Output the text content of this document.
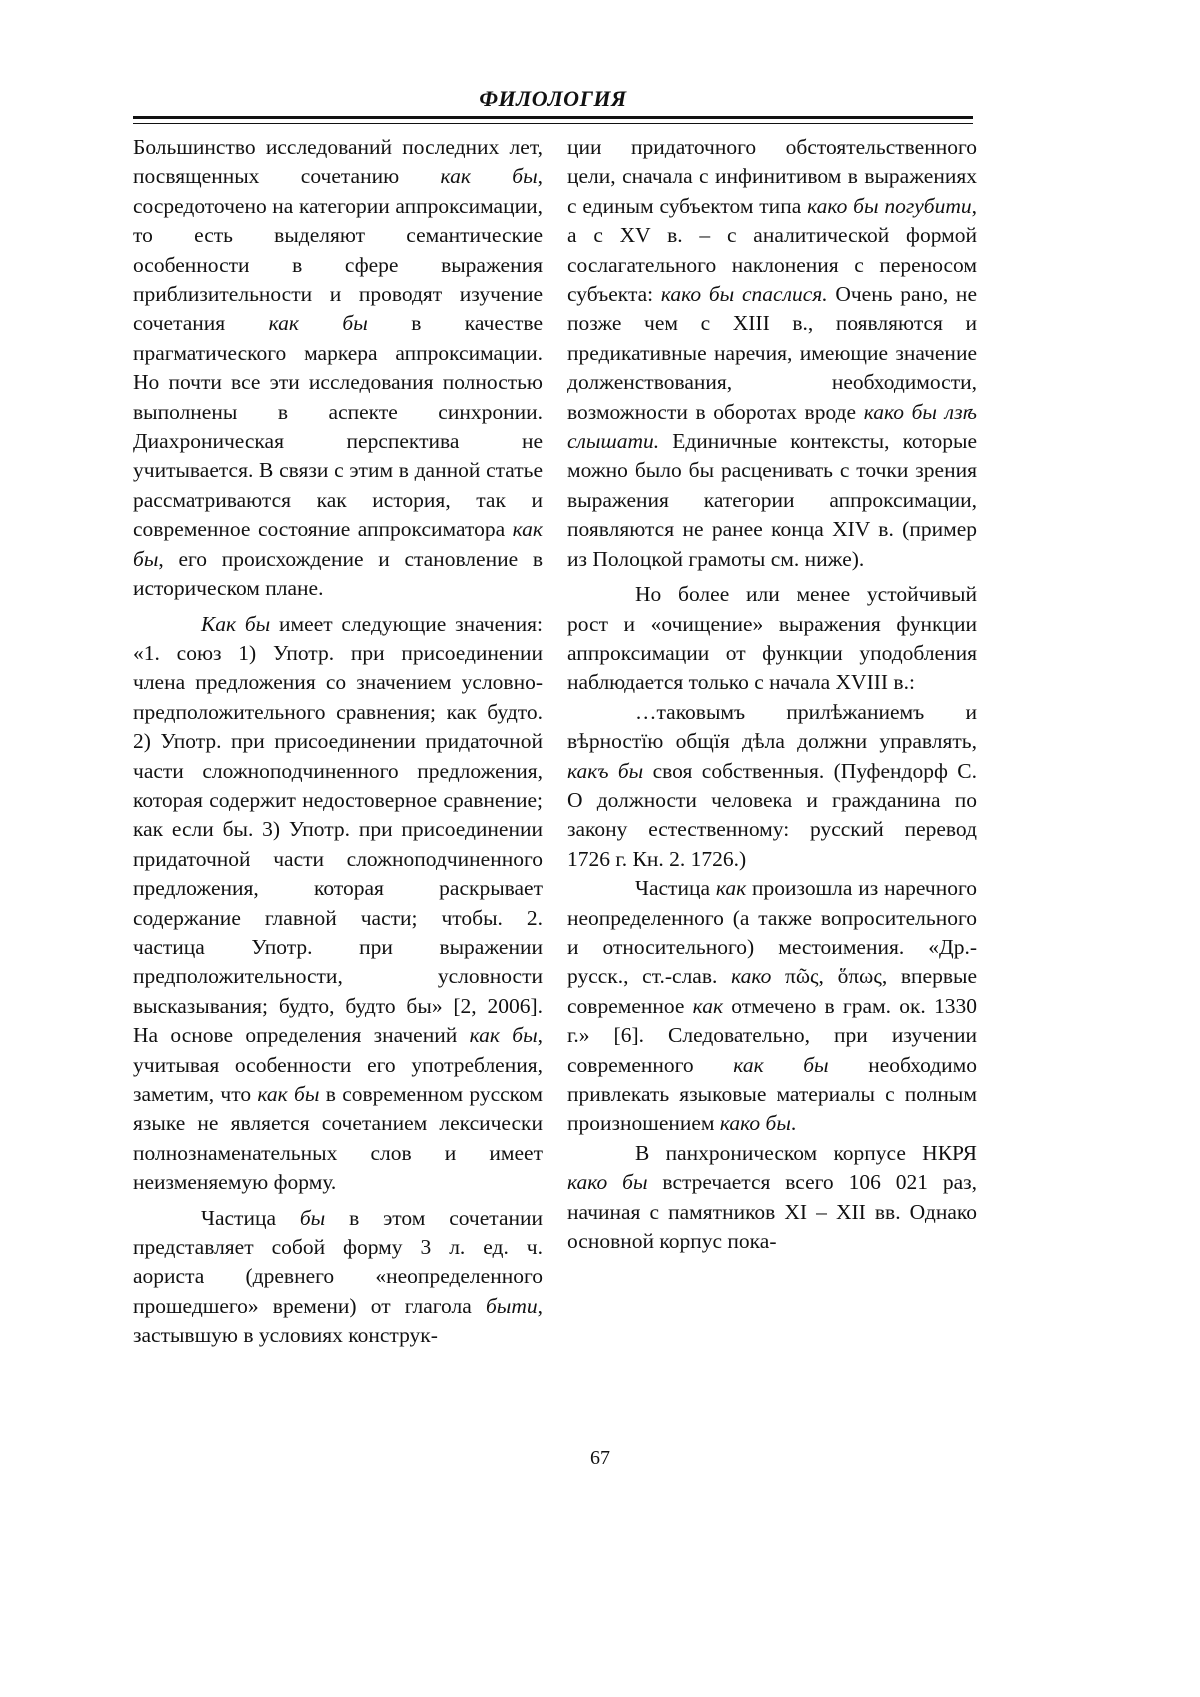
ФИЛОЛОГИЯ

Большинство исследований последних лет, посвященных сочетанию как бы, сосредоточено на категории аппроксимации, то есть выделяют семантические особенности в сфере выражения приблизительности и проводят изучение сочетания как бы в качестве прагматического маркера аппроксимации. Но почти все эти исследования полностью выполнены в аспекте синхронии. Диахроническая перспектива не учитывается. В связи с этим в данной статье рассматриваются как история, так и современное состояние аппроксиматора как бы, его происхождение и становление в историческом плане.

Как бы имеет следующие значения: «1. союз 1) Употр. при присоединении члена предложения со значением условно-предположительного сравнения; как будто. 2) Употр. при присоединении придаточной части сложноподчиненного предложения, которая содержит недостоверное сравнение; как если бы. 3) Употр. при присоединении придаточной части сложноподчиненного предложения, которая раскрывает содержание главной части; чтобы. 2. частица Употр. при выражении предположительности, условности высказывания; будто, будто бы» [2, 2006]. На основе определения значений как бы, учитывая особенности его употребления, заметим, что как бы в современном русском языке не является сочетанием лексически полнознаменательных слов и имеет неизменяемую форму.

Частица бы в этом сочетании представляет собой форму 3 л. ед. ч. аориста (древнего «неопределенного прошедшего» времени) от глагола быти, застывшую в условиях конструк-

ции придаточного обстоятельственного цели, сначала с инфинитивом в выражениях с единым субъектом типа како бы погубити, а с XV в. – с аналитической формой сослагательного наклонения с переносом субъекта: како бы спаслися. Очень рано, не позже чем с XIII в., появляются и предикативные наречия, имеющие значение долженствования, необходимости, возможности в оборотах вроде како бы лзѣ слышати. Единичные контексты, которые можно было бы расценивать с точки зрения выражения категории аппроксимации, появляются не ранее конца XIV в. (пример из Полоцкой грамоты см. ниже).

Но более или менее устойчивый рост и «очищение» выражения функции аппроксимации от функции уподобления наблюдается только с начала XVIII в.:

…таковымъ прилѣжаниемъ и вѣрностїю общїя дѣла должни управлять, какъ бы своя собственныя. (Пуфендорф С. О должности человека и гражданина по закону естественному: русский перевод 1726 г. Кн. 2. 1726.)

Частица как произошла из наречного неопределенного (а также вопросительного и относительного) местоимения. «Др.-русск., ст.-слав. како πῶς, ὅπως, впервые современное как отмечено в грам. ок. 1330 г.» [6]. Следовательно, при изучении современного как бы необходимо привлекать языковые материалы с полным произношением како бы.

В панхроническом корпусе НКРЯ како бы встречается всего 106 021 раз, начиная с памятников XI – XII вв. Однако основной корпус пока-

67
